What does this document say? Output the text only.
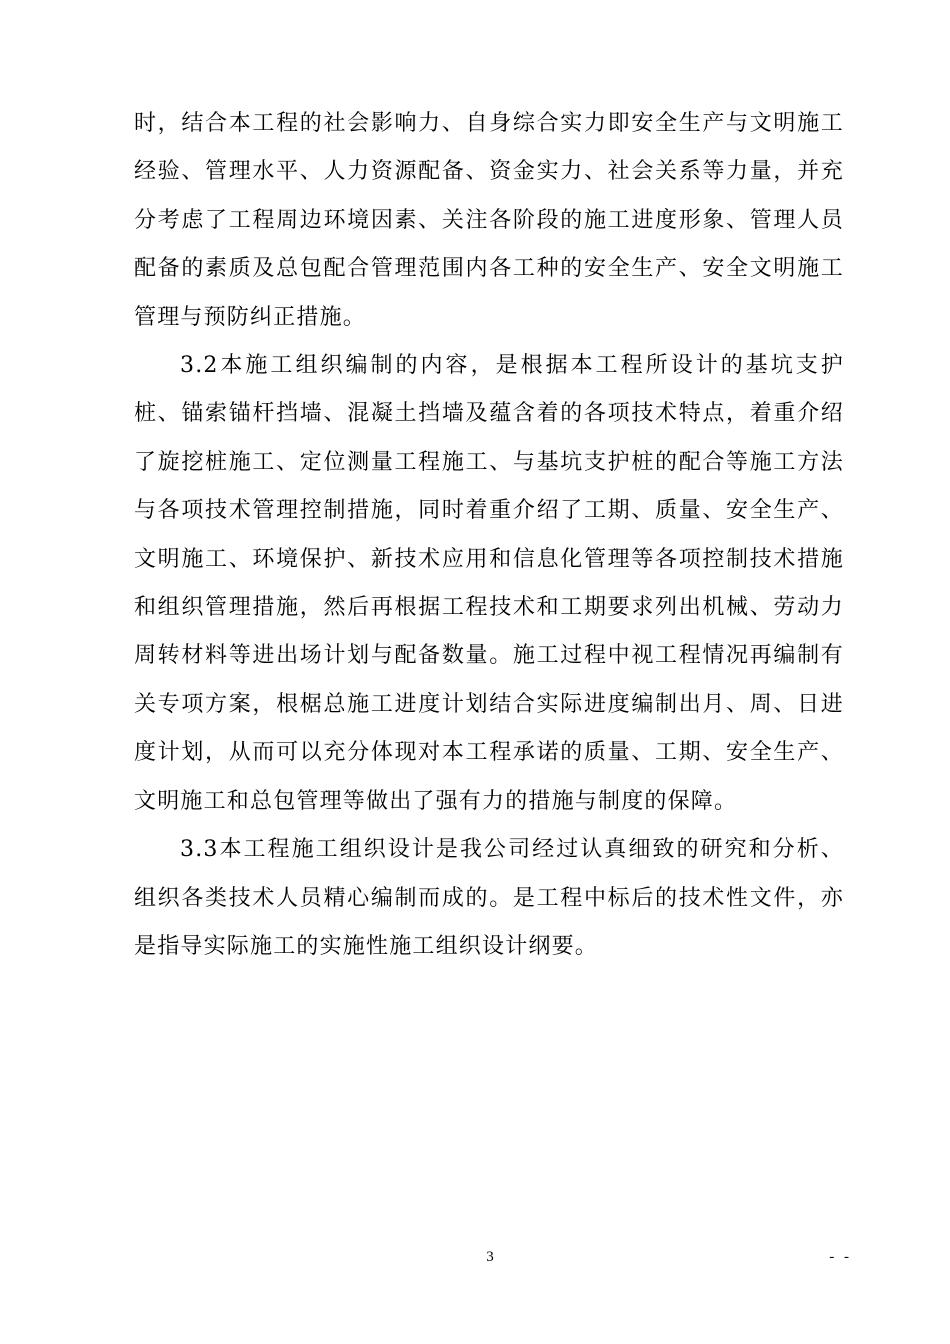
时，结合本工程的社会影响力、自身综合实力即安全生产与文明施工经验、管理水平、人力资源配备、资金实力、社会关系等力量，并充分考虑了工程周边环境因素、关注各阶段的施工进度形象、管理人员配备的素质及总包配合管理范围内各工种的安全生产、安全文明施工管理与预防纠正措施。

3.2本施工组织编制的内容，是根据本工程所设计的基坑支护桩、锚索锚杆挡墙、混凝土挡墙及蕴含着的各项技术特点，着重介绍了旋挖桩施工、定位测量工程施工、与基坑支护桩的配合等施工方法与各项技术管理控制措施，同时着重介绍了工期、质量、安全生产、文明施工、环境保护、新技术应用和信息化管理等各项控制技术措施和组织管理措施，然后再根据工程技术和工期要求列出机械、劳动力周转材料等进出场计划与配备数量。施工过程中视工程情况再编制有关专项方案，根椐总施工进度计划结合实际进度编制出月、周、日进度计划，从而可以充分体现对本工程承诺的质量、工期、安全生产、文明施工和总包管理等做出了强有力的措施与制度的保障。

3.3本工程施工组织设计是我公司经过认真细致的研究和分析、组织各类技术人员精心编制而成的。是工程中标后的技术性文件，亦是指导实际施工的实施性施工组织设计纲要。

3	- -
